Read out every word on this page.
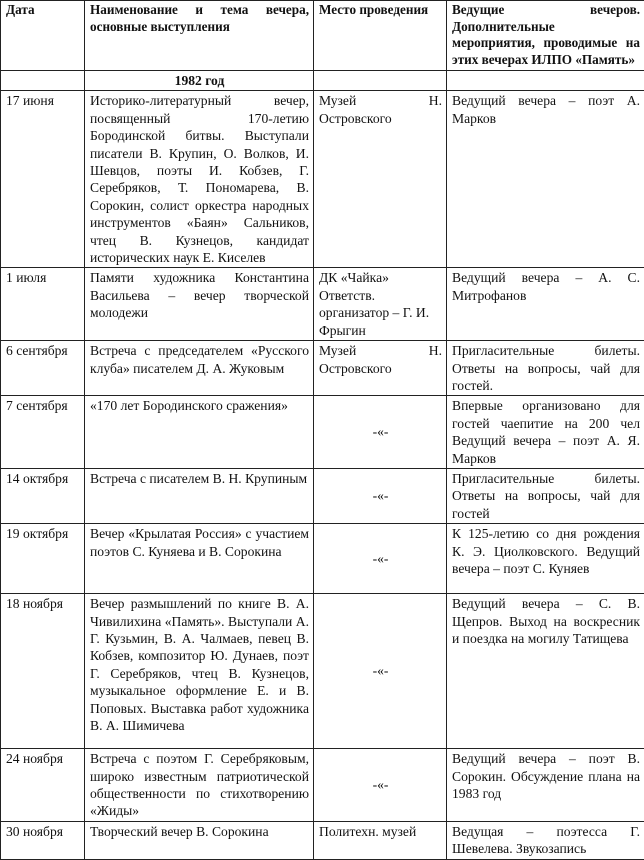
Дата	Наименование и тема вечера, основные выступления	Место проведения	Ведущие вечеров. Дополнительные мероприятия, проводимые на этих вечерах ИЛПО «Память»
	1982 год		
17 июня	Историко-литературный вечер, посвященный 170-летию Бородинской битвы. Выступали писатели В. Крупин, О. Волков, И. Шевцов, поэты И. Кобзев, Г. Серебряков, Т. Пономарева, В. Сорокин, солист оркестра народных инструментов «Баян» Сальников, чтец В. Кузнецов, кандидат исторических наук Е. Киселев	Музей Н. Островского	Ведущий вечера – поэт А. Марков
1 июля	Памяти художника Константина Васильева – вечер творческой молодежи	ДК «Чайка» Ответств. организатор – Г. И. Фрыгин	Ведущий вечера – А. С. Митрофанов
6 сентября	Встреча с председателем «Русского клуба» писателем Д. А. Жуковым	Музей Н. Островского	Пригласительные билеты. Ответы на вопросы, чай для гостей.
7 сентября	«170 лет Бородинского сражения»	-«-	Впервые организовано для гостей чаепитие на 200 чел Ведущий вечера – поэт А. Я. Марков
14 октября	Встреча с писателем В. Н. Крупиным	-«-	Пригласительные билеты. Ответы на вопросы, чай для гостей
19 октября	Вечер «Крылатая Россия» с участием поэтов С. Куняева и В. Сорокина	-«-	К 125-летию со дня рождения К. Э. Циолковского. Ведущий вечера – поэт С. Куняев
18 ноября	Вечер размышлений по книге В. А. Чивилихина «Память». Выступали А. Г. Кузьмин, В. А. Чалмаев, певец В. Кобзев, композитор Ю. Дунаев, поэт Г. Серебряков, чтец В. Кузнецов, музыкальное оформление Е. и В. Поповых. Выставка работ художника В. А. Шимичева	-«-	Ведущий вечера – С. В. Щепров. Выход на воскресник и поездка на могилу Татищева
24 ноября	Встреча с поэтом Г. Серебряковым, широко известным патриотической общественности по стихотворению «Жиды»	-«-	Ведущий вечера – поэт В. Сорокин. Обсуждение плана на 1983 год
30 ноября	Творческий вечер В. Сорокина	Политехн. музей	Ведущая – поэтесса Г. Шевелева. Звукозапись
